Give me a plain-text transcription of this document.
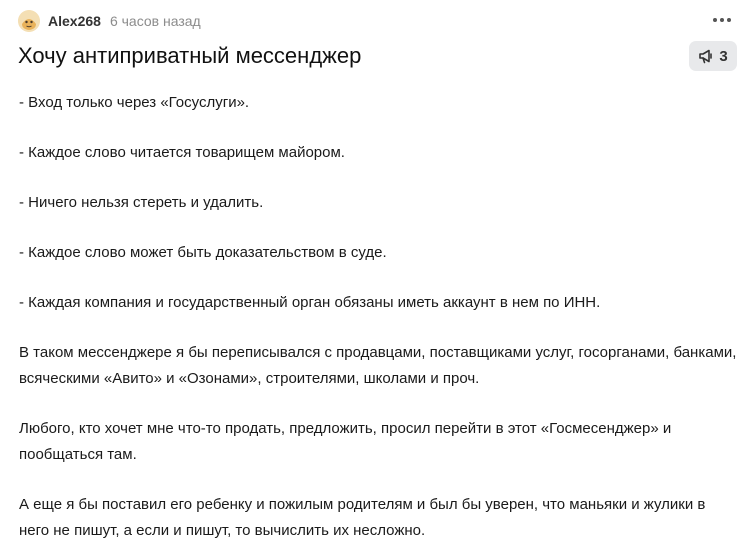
Alex268 6 часов назад
Хочу антиприватный мессенджер	3

- Вход только через «Госуслуги».

- Каждое слово читается товарищем майором.

- Ничего нельзя стереть и удалить.

- Каждое слово может быть доказательством в суде.

- Каждая компания и государственный орган обязаны иметь аккаунт в нем по ИНН.

В таком мессенджере я бы переписывался с продавцами, поставщиками услуг, госорганами, банками, всяческими «Авито» и «Озонами», строителями, школами и проч.

Любого, кто хочет мне что-то продать, предложить, просил перейти в этот «Госмесенджер» и пообщаться там.

А еще я бы поставил его ребенку и пожилым родителям и был бы уверен, что маньяки и жулики в него не пишут, а если и пишут, то вычислить их несложно.
